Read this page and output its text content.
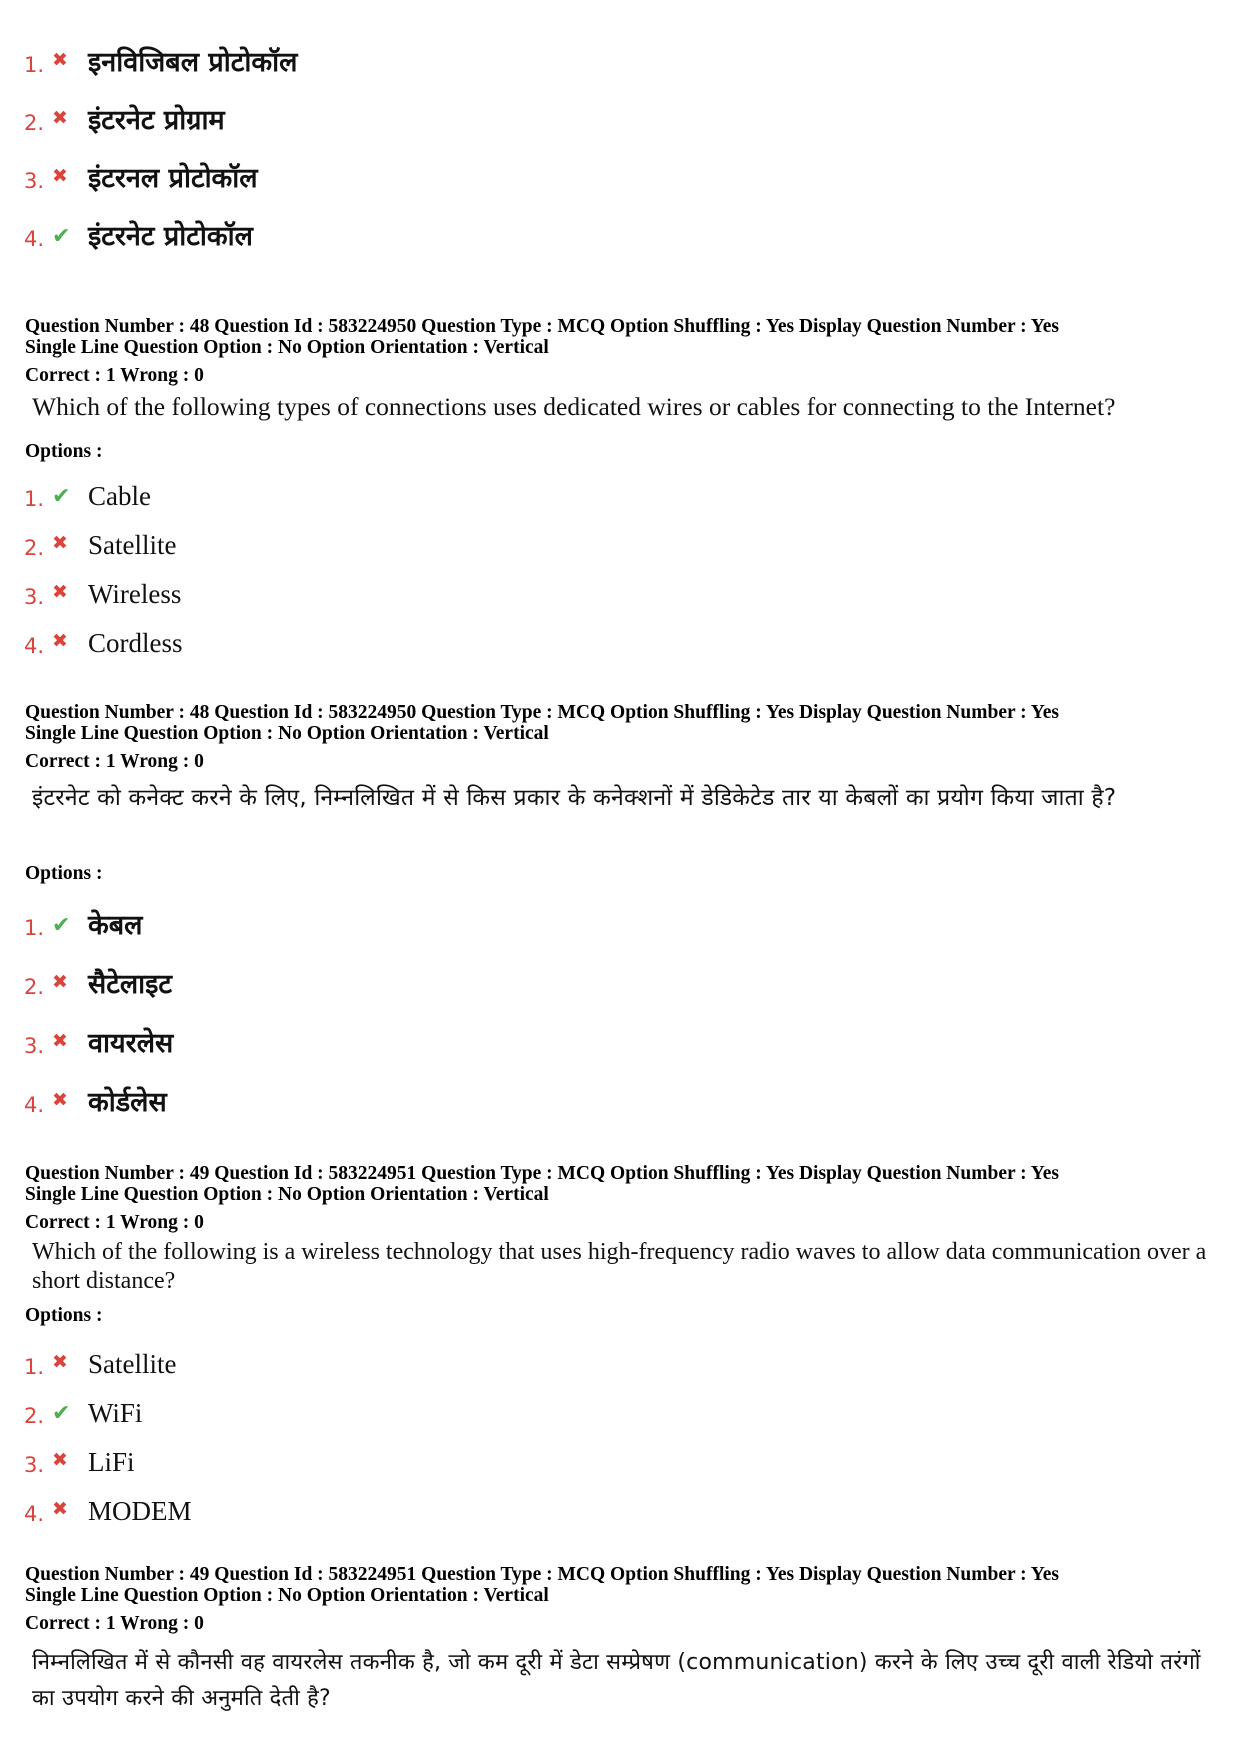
1. ✖ इनविजिबल प्रोटोकॉल
2. ✖ इंटरनेट प्रोग्राम
3. ✖ इंटरनल प्रोटोकॉल
4. ✔ इंटरनेट प्रोटोकॉल
Question Number : 48 Question Id : 583224950 Question Type : MCQ Option Shuffling : Yes Display Question Number : Yes
Single Line Question Option : No Option Orientation : Vertical
Correct : 1 Wrong : 0
Which of the following types of connections uses dedicated wires or cables for connecting to the Internet?
Options :
1. ✔ Cable
2. ✖ Satellite
3. ✖ Wireless
4. ✖ Cordless
Question Number : 48 Question Id : 583224950 Question Type : MCQ Option Shuffling : Yes Display Question Number : Yes
Single Line Question Option : No Option Orientation : Vertical
Correct : 1 Wrong : 0
इंटरनेट को कनेक्ट करने के लिए, निम्नलिखित में से किस प्रकार के कनेक्शनों में डेडिकेटेड तार या केबलों का प्रयोग किया जाता है?
Options :
1. ✔ केबल
2. ✖ सैटेलाइट
3. ✖ वायरलेस
4. ✖ कोर्डलेस
Question Number : 49 Question Id : 583224951 Question Type : MCQ Option Shuffling : Yes Display Question Number : Yes
Single Line Question Option : No Option Orientation : Vertical
Correct : 1 Wrong : 0
Which of the following is a wireless technology that uses high-frequency radio waves to allow data communication over a short distance?
Options :
1. ✖ Satellite
2. ✔ WiFi
3. ✖ LiFi
4. ✖ MODEM
Question Number : 49 Question Id : 583224951 Question Type : MCQ Option Shuffling : Yes Display Question Number : Yes
Single Line Question Option : No Option Orientation : Vertical
Correct : 1 Wrong : 0
निम्नलिखित में से कौनसी वह वायरलेस तकनीक है, जो कम दूरी में डेटा सम्प्रेषण (communication) करने के लिए उच्च दूरी वाली रेडियो तरंगों का उपयोग करने की अनुमति देती है?
